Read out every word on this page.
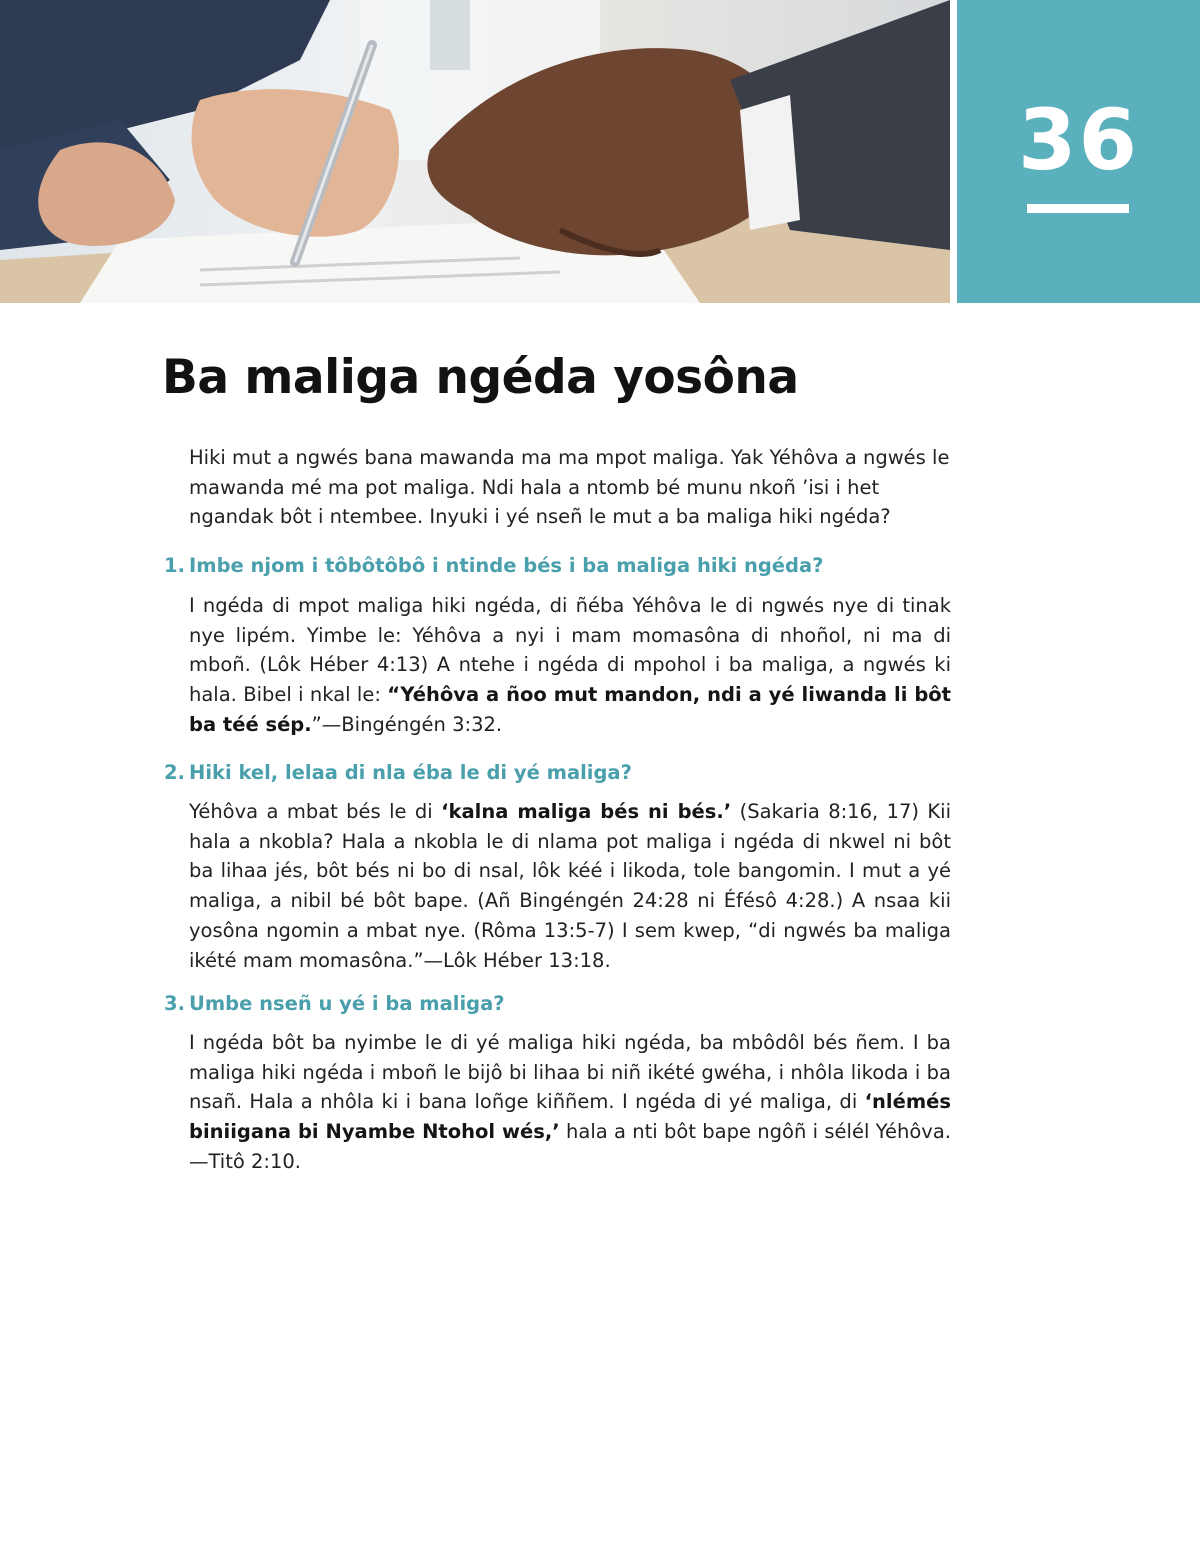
36
Ba maliga ngéda yosôna

Hiki mut a ngwés bana mawanda ma ma mpot maliga. Yak Yéhôva a ngwés le mawanda mé ma pot maliga. Ndi hala a ntomb bé munu nkoñ ’isi i het ngandak bôt i ntembee. Inyuki i yé nseñ le mut a ba maliga hiki ngéda?

1. Imbe njom i tôbôtôbô i ntinde bés i ba maliga hiki ngéda?

I ngéda di mpot maliga hiki ngéda, di ñéba Yéhôva le di ngwés nye di tinak nye lipém. Yimbe le: Yéhôva a nyi i mam momasôna di nhoñol, ni ma di mboñ. (Lôk Héber 4:13) A ntehe i ngéda di mpohol i ba maliga, a ngwés ki hala. Bibel i nkal le: “Yéhôva a ñoo mut mandon, ndi a yé liwanda li bôt ba téé sép.”—Bingéngén 3:32.

2. Hiki kel, lelaa di nla éba le di yé maliga?

Yéhôva a mbat bés le di ‘kalna maliga bés ni bés.’ (Sakaria 8:16, 17) Kii hala a nkobla? Hala a nkobla le di nlama pot maliga i ngéda di nkwel ni bôt ba lihaa jés, bôt bés ni bo di nsal, lôk kéé i likoda, tole bangomin. I mut a yé maliga, a nibil bé bôt bape. (Añ Bingéngén 24:28 ni Éfésô 4:28.) A nsaa kii yosôna ngomin a mbat nye. (Rôma 13:5-7) I sem kwep, “di ngwés ba maliga ikété mam momasôna.”—Lôk Héber 13:18.

3. Umbe nseñ u yé i ba maliga?

I ngéda bôt ba nyimbe le di yé maliga hiki ngéda, ba mbôdôl bés ñem. I ba maliga hiki ngéda i mboñ le bijô bi lihaa bi niñ ikété gwéha, i nhôla likoda i ba nsañ. Hala a nhôla ki i bana loñge kiññem. I ngéda di yé maliga, di ‘nlémés biniigana bi Nyambe Ntohol wés,’ hala a nti bôt bape ngôñ i sélél Yéhôva.—Titô 2:10.
